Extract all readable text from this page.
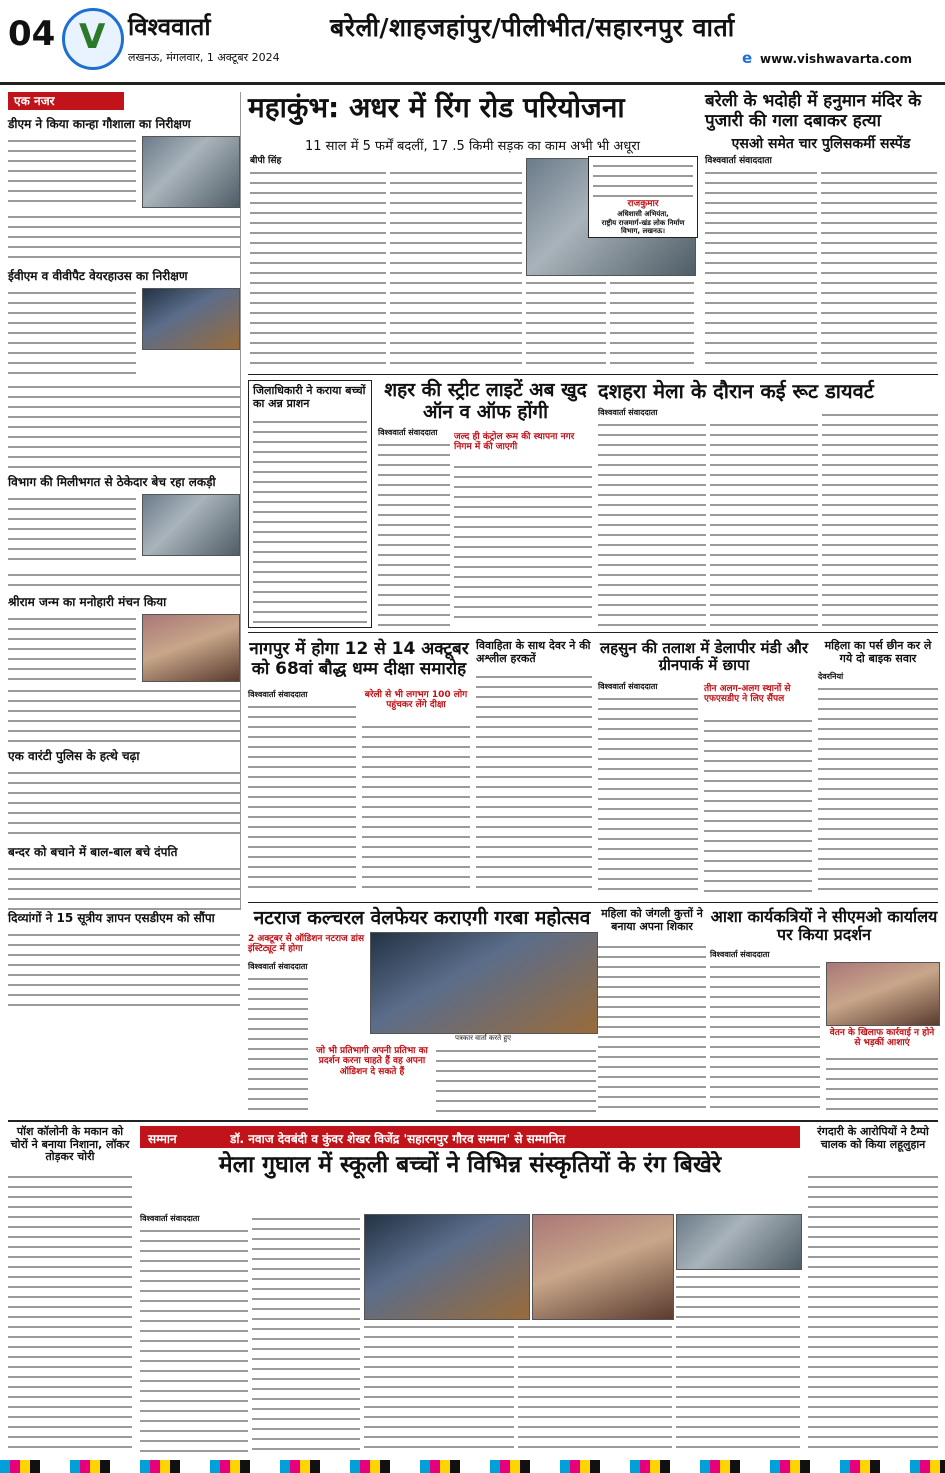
04
V	विश्ववार्ता
लखनऊ, मंगलवार, 1 अक्टूबर 2024
बरेली/शाहजहांपुर/पीलीभीत/सहारनपुर वार्ता
e www.vishwavarta.com
एक नजर
डीएम ने किया कान्हा गौशाला का निरीक्षण
ईवीएम व वीवीपैट वेयरहाउस का निरीक्षण
विभाग की मिलीभगत से ठेकेदार बेच रहा लकड़ी
श्रीराम जन्म का मनोहारी मंचन किया
एक वारंटी पुलिस के हत्थे चढ़ा
बन्दर को बचाने में बाल-बाल बचे दंपति
दिव्यांगों ने 15 सूत्रीय ज्ञापन एसडीएम को सौंपा
महाकुंभ: अधर में रिंग रोड परियोजना
11 साल में 5 फर्में बदलीं, 17 .5 किमी सड़क का काम अभी भी अधूरा
बीपी सिंह
राजकुमार
अधिशासी अभियंता,
राष्ट्रीय राजमार्ग-खंड लोक निर्माण विभाग, लखनऊ।
बरेली के भदोही में हनुमान मंदिर के पुजारी की गला दबाकर हत्या
एसओ समेत चार पुलिसकर्मी सस्पेंड
विश्ववार्ता संवाददाता
जिलाधिकारी ने कराया बच्चों का अन्न प्राशन
शहर की स्ट्रीट लाइटें अब खुद ऑन व ऑफ होंगी
विश्ववार्ता संवाददाता जल्द ही कंट्रोल रूम की स्थापना नगर निगम में की जाएगी
दशहरा मेला के दौरान कई रूट डायवर्ट
विश्ववार्ता संवाददाता
नागपुर में होगा 12 से 14 अक्टूबर को 68वां बौद्ध धम्म दीक्षा समारोह
विश्ववार्ता संवाददाता	बरेली से भी लगभग 100 लोग पहुंचकर लेंगे दीक्षा
विवाहिता के साथ देवर ने की अश्लील हरकतें
लहसुन की तलाश में डेलापीर मंडी और ग्रीनपार्क में छापा
विश्ववार्ता संवाददाता	तीन अलग-अलग स्थानों से एफएसडीए ने लिए सैंपल
महिला का पर्स छीन कर ले गये दो बाइक सवार
देवरनियां
नटराज कल्चरल वेलफेयर कराएगी गरबा महोत्सव
2 अक्टूबर से ऑडिशन नटराज डांस इंस्टिट्यूट में होगा
विश्ववार्ता संवाददाता
पत्रकार वार्ता करते हुए
जो भी प्रतिभागी अपनी प्रतिभा का प्रदर्शन करना चाहते हैं वह अपना ऑडिशन दे सकते हैं
महिला को जंगली कुत्तों ने बनाया अपना शिकार
आशा कार्यकत्रियों ने सीएमओ कार्यालय पर किया प्रदर्शन
विश्ववार्ता संवाददाता
वेतन के खिलाफ कार्रवाई न होने से भड़कीं आशाएं
पॉश कॉलोनी के मकान को चोरों ने बनाया निशाना, लॉकर तोड़कर चोरी
सम्मान	डॉ. नवाज देवबंदी व कुंवर शेखर विजेंद्र 'सहारनपुर गौरव सम्मान' से सम्मानित
मेला गुघाल में स्कूली बच्चों ने विभिन्न संस्कृतियों के रंग बिखेरे
विश्ववार्ता संवाददाता
रंगदारी के आरोपियों ने टैम्पो चालक को किया लहूलुहान
